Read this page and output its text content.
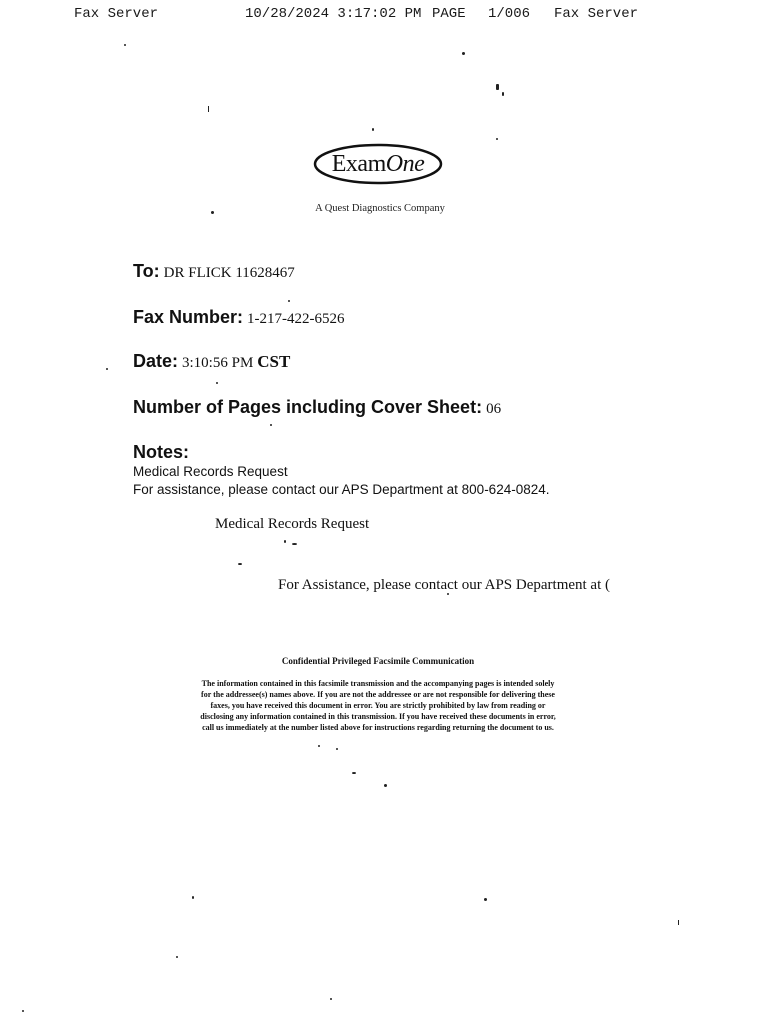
Fax Server	10/28/2024 3:17:02 PM PAGE 1/006 Fax Server
Exam One
A Quest Diagnostics Company
To: DR FLICK 11628467
Fax Number: 1-217-422-6526
Date: 3:10:56 PM CST
Number of Pages including Cover Sheet: 06
Notes:
Medical Records Request
For assistance, please contact our APS Department at 800-624-0824.
Medical Records Request
For Assistance, please contact our APS Department at (
Confidential Privileged Facsimile Communication
The information contained in this facsimile transmission and the accompanying pages is intended solely
for the addressee(s) names above. If you are not the addressee or are not responsible for delivering these
faxes, you have received this document in error. You are strictly prohibited by law from reading or
disclosing any information contained in this transmission. If you have received these documents in error,
call us immediately at the number listed above for instructions regarding returning the document to us.
